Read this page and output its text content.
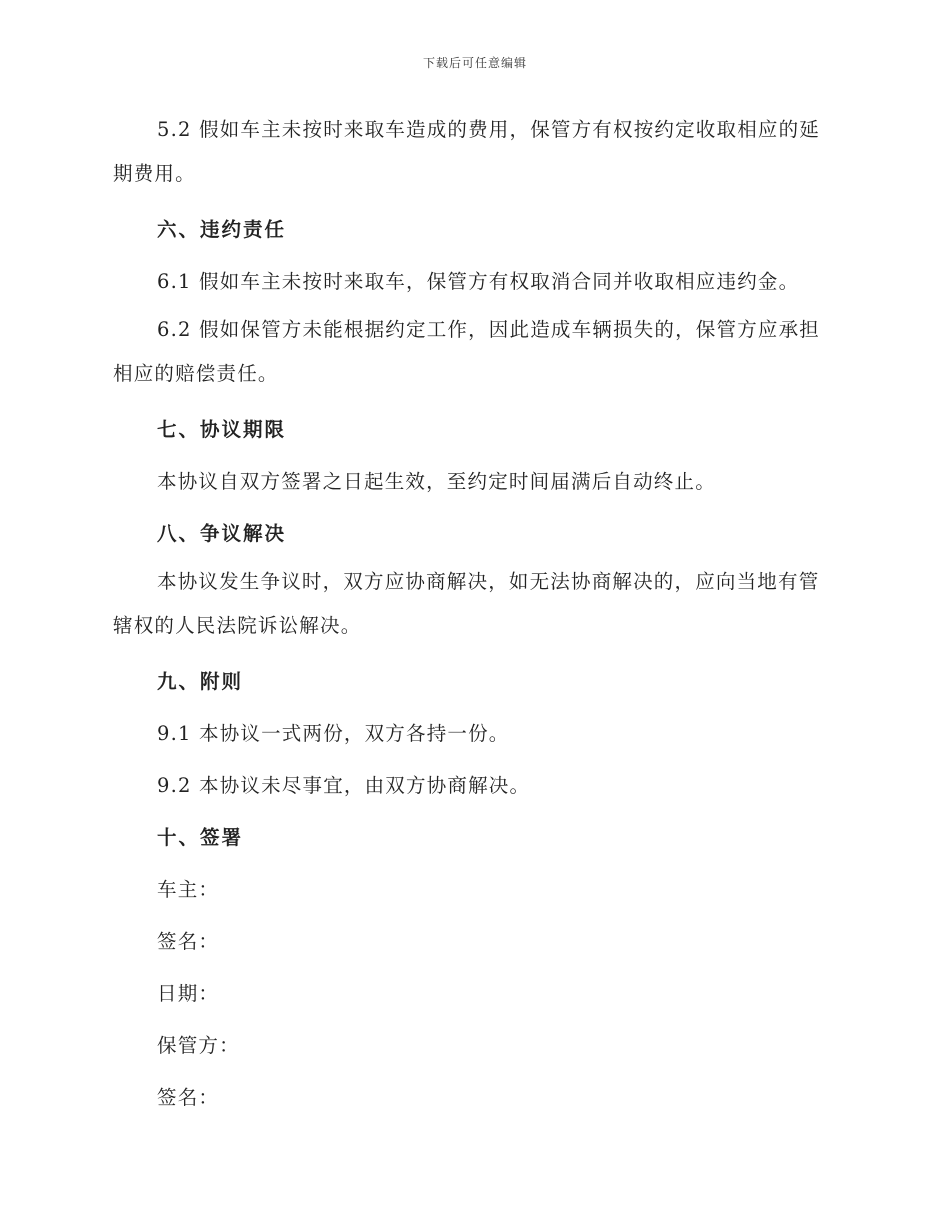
下载后可任意编辑

5.2 假如车主未按时来取车造成的费用，保管方有权按约定收取相应的延期费用。

六、违约责任

6.1 假如车主未按时来取车，保管方有权取消合同并收取相应违约金。

6.2 假如保管方未能根据约定工作，因此造成车辆损失的，保管方应承担相应的赔偿责任。

七、协议期限

本协议自双方签署之日起生效，至约定时间届满后自动终止。

八、争议解决

本协议发生争议时，双方应协商解决，如无法协商解决的，应向当地有管辖权的人民法院诉讼解决。

九、附则

9.1 本协议一式两份，双方各持一份。

9.2 本协议未尽事宜，由双方协商解决。

十、签署

车主：

签名：

日期：

保管方：

签名：
